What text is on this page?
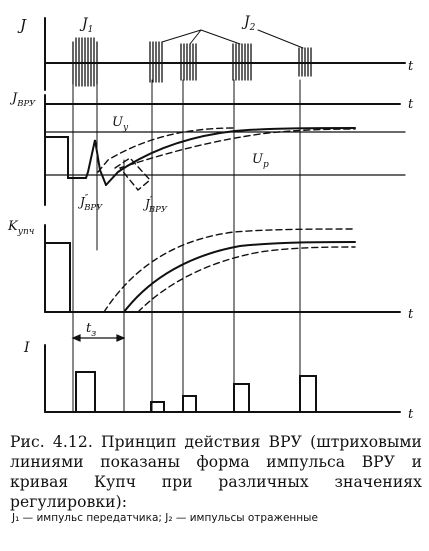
J	$J_1$	$J_2$
t
$J_{ВРУ}$	t
$U_у$
$U_р$
J″ ВРУ	J′ ВРУ
$K_{упч}$
t
$t_з$
I
t

Рис. 4.12. Принцип действия ВРУ (штриховыми линиями показаны форма импульса ВРУ и кривая Купч при различных значениях регулировки):

J₁ — импульс передатчика; J₂ — импульсы отраженные
